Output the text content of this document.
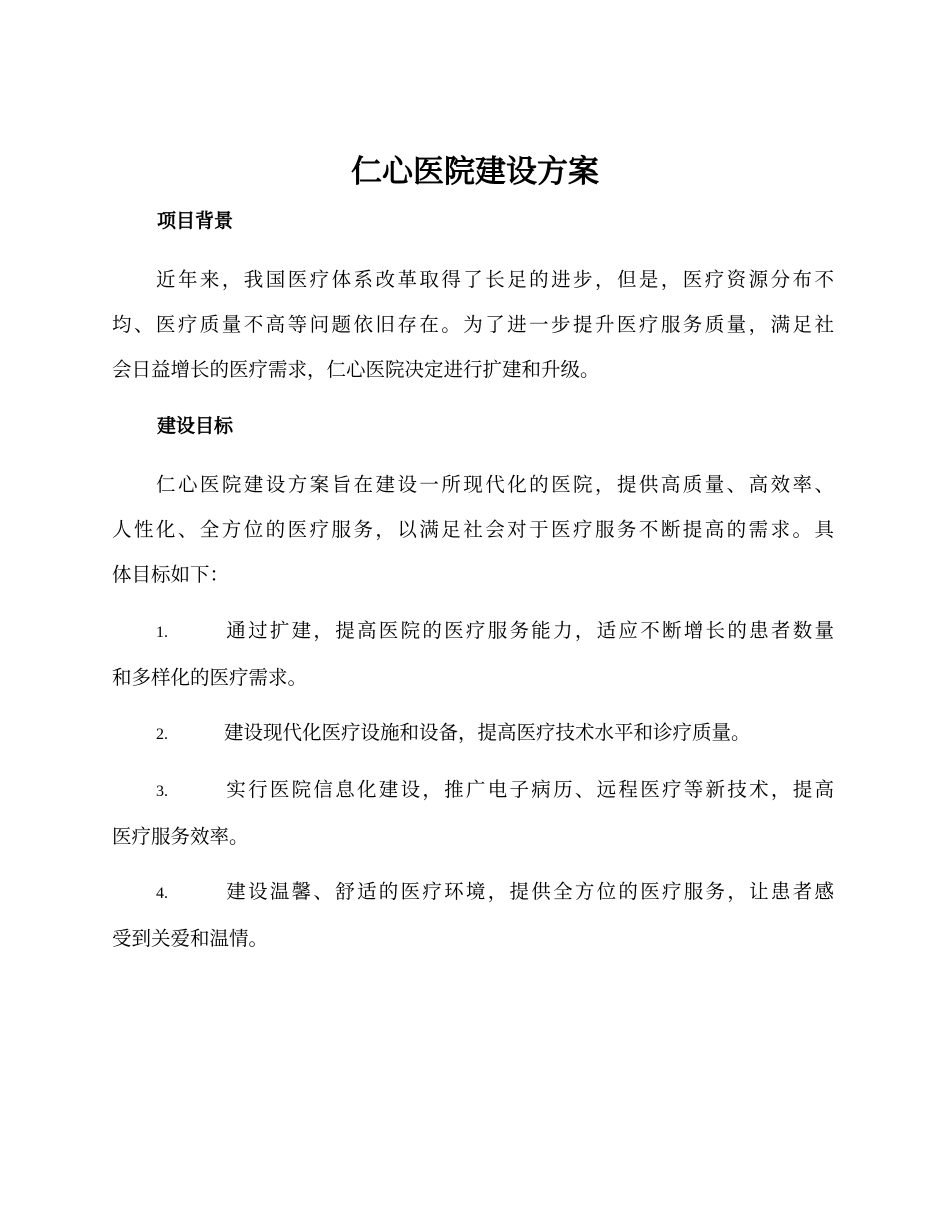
仁心医院建设方案
项目背景
近年来，我国医疗体系改革取得了长足的进步，但是，医疗资源分布不
均、医疗质量不高等问题依旧存在。为了进一步提升医疗服务质量，满足社
会日益增长的医疗需求，仁心医院决定进行扩建和升级。
建设目标
仁心医院建设方案旨在建设一所现代化的医院，提供高质量、高效率、
人性化、全方位的医疗服务，以满足社会对于医疗服务不断提高的需求。具
体目标如下：
1.	通过扩建，提高医院的医疗服务能力，适应不断增长的患者数量
和多样化的医疗需求。
2.	建设现代化医疗设施和设备，提高医疗技术水平和诊疗质量。
3.	实行医院信息化建设，推广电子病历、远程医疗等新技术，提高
医疗服务效率。
4.	建设温馨、舒适的医疗环境，提供全方位的医疗服务，让患者感
受到关爱和温情。
